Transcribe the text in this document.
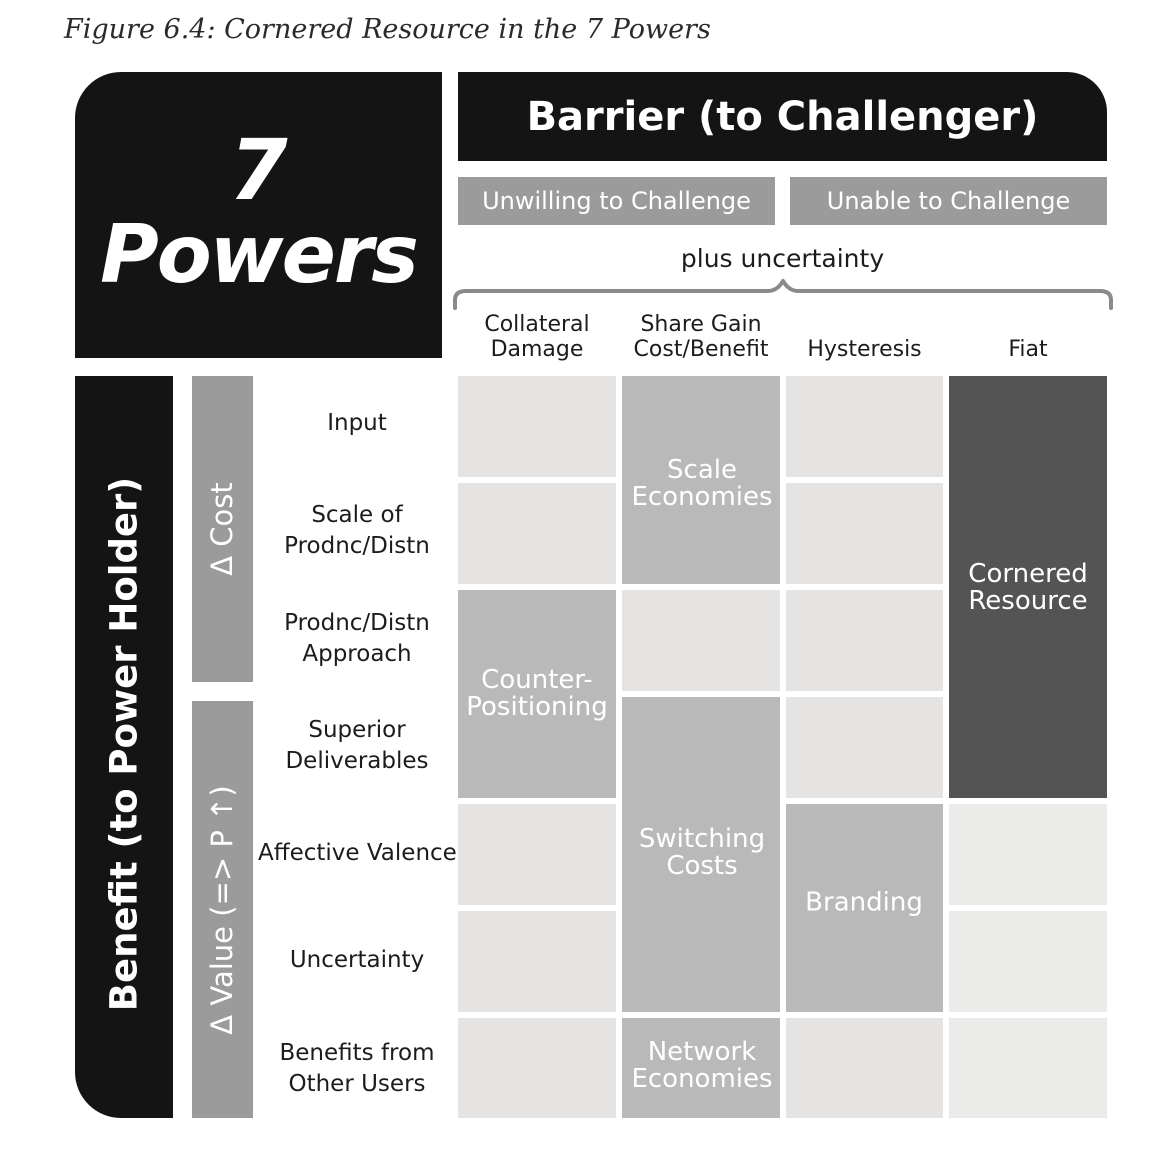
Figure 6.4: Cornered Resource in the 7 Powers
7
Powers
Barrier (to Challenger)
Unwilling to Challenge	Unable to Challenge
plus uncertainty
Collateral
Damage
Share Gain
Cost/Benefit Hysteresis	Fiat
Benefit (to Power Holder) Δ Cost
Δ Value (=> P ↑)
Input
Scale of
Prodnc/Distn
Prodnc/Distn
Approach
Superior
Deliverables
Affective Valence
Uncertainty
Benefits from
Other Users
Scale
Economies
Counter-
Positioning
Switching
Costs
Branding
Network
Economies
Cornered
Resource
